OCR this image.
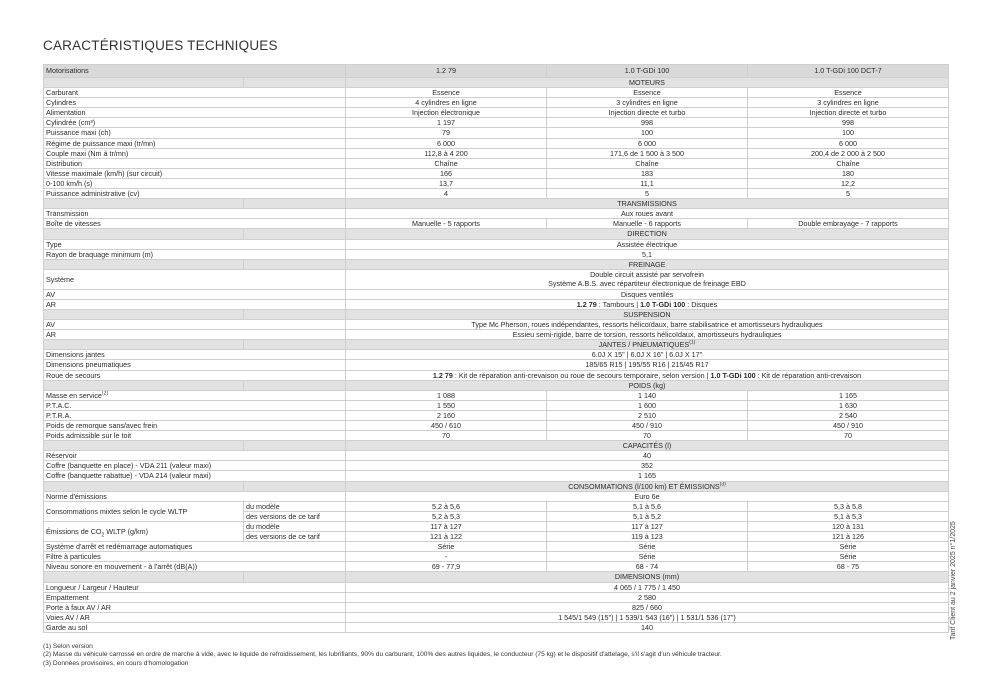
CARACTÉRISTIQUES TECHNIQUES
Motorisations		1.2 79	1.0 T-GDi 100	1.0 T-GDi 100 DCT-7
		MOTEURS		
Carburant		Essence	Essence	Essence
Cylindres		4 cylindres en ligne	3 cylindres en ligne	3 cylindres en ligne
Alimentation		Injection électronique	Injection directe et turbo	Injection directe et turbo
Cylindrée (cm³)		1 197	998	998
Puissance maxi (ch)		79	100	100
Régime de puissance maxi (tr/mn)		6 000	6 000	6 000
Couple maxi (Nm à tr/mn)		112,8 à 4 200	171,6 de 1 500 à 3 500	200,4 de 2 000 à 2 500
Distribution		Chaîne	Chaîne	Chaîne
Vitesse maximale (km/h) (sur circuit)		166	183	180
0-100 km/h (s)		13,7	11,1	12,2
Puissance administrative (cv)		4	5	5
		TRANSMISSIONS		
Transmission		Aux roues avant		
Boîte de vitesses		Manuelle - 5 rapports	Manuelle - 6 rapports	Double embrayage - 7 rapports
		DIRECTION		
Type		Assistée électrique		
Rayon de braquage minimum (m)		5,1		
		FREINAGE		
Système		Double circuit assisté par servofrein
Système A.B.S. avec répartiteur électronique de freinage EBD		

AV		Disques ventilés		
AR		1.2 79 : Tambours | 1.0 T-GDi 100 : Disques		
		SUSPENSION		
AV		Type Mc Pherson, roues indépendantes, ressorts hélicoïdaux, barre stabilisatrice et amortisseurs hydrauliques		
AR		Essieu semi-rigide, barre de torsion, ressorts hélicoïdaux, amortisseurs hydrauliques		
		JANTES / PNEUMATIQUES$^{(1)}$
Dimensions jantes		6.0J X 15" | 6.0J X 16" | 6.0J X 17"		
Dimensions pneumatiques		185/65 R15 | 195/55 R16 | 215/45 R17		
Roue de secours		1.2 79 : Kit de réparation anti-crevaison ou roue de secours temporaire, selon version | 1.0 T-GDi 100 : Kit de réparation anti-crevaison		
		POIDS (kg)		
Masse en service$^{(2)}$		1 088	1 140	1 165
P.T.A.C.		1 550	1 600	1 630
P.T.R.A.		2 160	2 510	2 540
Poids de remorque sans/avec frein		450 / 610	450 / 910	450 / 910
Poids admissible sur le toit		70	70	70
		CAPACITÉS (l)		
Réservoir		40		
Coffre (banquette en place) - VDA 211 (valeur maxi)		352		
Coffre (banquette rabattue) - VDA 214 (valeur maxi)		1 165		
		CONSOMMATIONS (l/100 km) ET ÉMISSIONS$^{(3)}$
Norme d'émissions		Euro 6e		
Consommations mixtes selon le cycle WLTP	du modèle	5,2 à 5,6	5,1 à 5,6	5,3 à 5,8
	des versions de ce tarif	5,2 à 5,3	5,1 à 5,2	5,1 à 5,3
Émissions de $CO_2$ WLTP (g/km)	du modèle	117 à 127	117 à 127	120 à 131
	des versions de ce tarif	121 à 122	119 à 123	121 à 126
Système d'arrêt et redémarrage automatiques		Série	Série	Série
Filtre à particules		-	Série	Série
Niveau sonore en mouvement - à l'arrêt (dB(A))		69 - 77,9	68 - 74	68 - 75
		DIMENSIONS (mm)		
Longueur / Largeur / Hauteur		4 065 / 1 775 / 1 450		
Empattement		2 580		
Porte à faux AV / AR		825 / 660		
Voies AV / AR		1 545/1 549 (15") | 1 539/1 543 (16") | 1 531/1 536 (17")		
Garde au sol		140		
(1) Selon version
(2) Masse du véhicule carrossé en ordre de marche à vide, avec le liquide de refroidissement, les lubrifiants, 90% du carburant, 100% des autres liquides, le conducteur (75 kg) et le dispositif d'attelage, s'il s'agit d'un véhicule tracteur.
(3) Données provisoires, en cours d'homologation
Tarif Client au 2 janvier 2025 n°1/2025
